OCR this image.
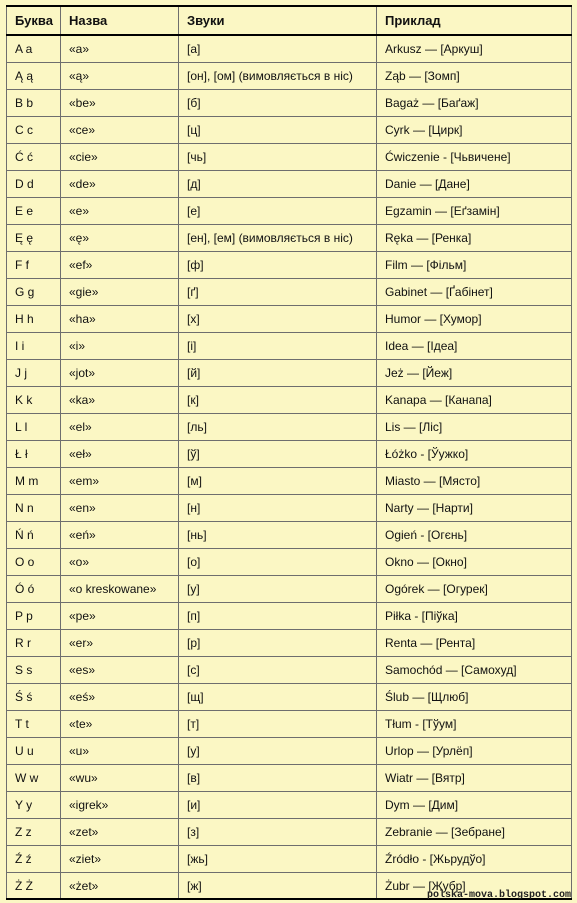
Буква	Назва	Звуки	Приклад
A a	«a»	[а]	Arkusz — [Аркуш]
Ą ą	«ą»	[он], [ом] (вимовляється в ніс)	Ząb — [Зомп]
B b	«be»	[б]	Bagaż — [Баґаж]
C c	«ce»	[ц]	Cyrk — [Цирк]
Ć ć	«cie»	[чь]	Ćwiczenie - [Чьвичене]
D d	«de»	[д]	Danie — [Дане]
E e	«e»	[е]	Egzamin — [Еґзамін]
Ę ę	«ę»	[ен], [ем] (вимовляється в ніс)	Ręka — [Ренка]
F f	«ef»	[ф]	Film — [Фільм]
G g	«gie»	[ґ]	Gabinet — [Ґабінет]
H h	«ha»	[х]	Humor — [Хумор]
I i	«i»	[і]	Idea — [Ідеа]
J j	«jot»	[й]	Jeż — [Йеж]
K k	«ka»	[к]	Kanapa — [Канапа]
L l	«el»	[ль]	Lis — [Ліс]
Ł ł	«eł»	[ў]	Łóżko - [Ўужко]
M m	«em»	[м]	Miasto — [Място]
N n	«en»	[н]	Narty — [Нарти]
Ń ń	«eń»	[нь]	Ogień - [Огєнь]
O o	«o»	[о]	Okno — [Окно]
Ó ó	«o kreskowane»	[у]	Ogórek — [Огурек]
P p	«pe»	[п]	Piłka - [Піўка]
R r	«er»	[р]	Renta — [Рента]
S s	«es»	[с]	Samochód — [Самохуд]
Ś ś	«eś»	[щ]	Ślub — [Щлюб]
T t	«te»	[т]	Tłum - [Тўум]
U u	«u»	[у]	Urlop — [Урлёп]
W w	«wu»	[в]	Wiatr — [Вятр]
Y y	«igrek»	[и]	Dym — [Дим]
Z z	«zet»	[з]	Zebranie — [Зебране]
Ź ź	«ziet»	[жь]	Źródło - [Жьрудўо]
Ż Ż	«żet»	[ж]	Żubr — [Жубр]
polska-mova.blogspot.com
